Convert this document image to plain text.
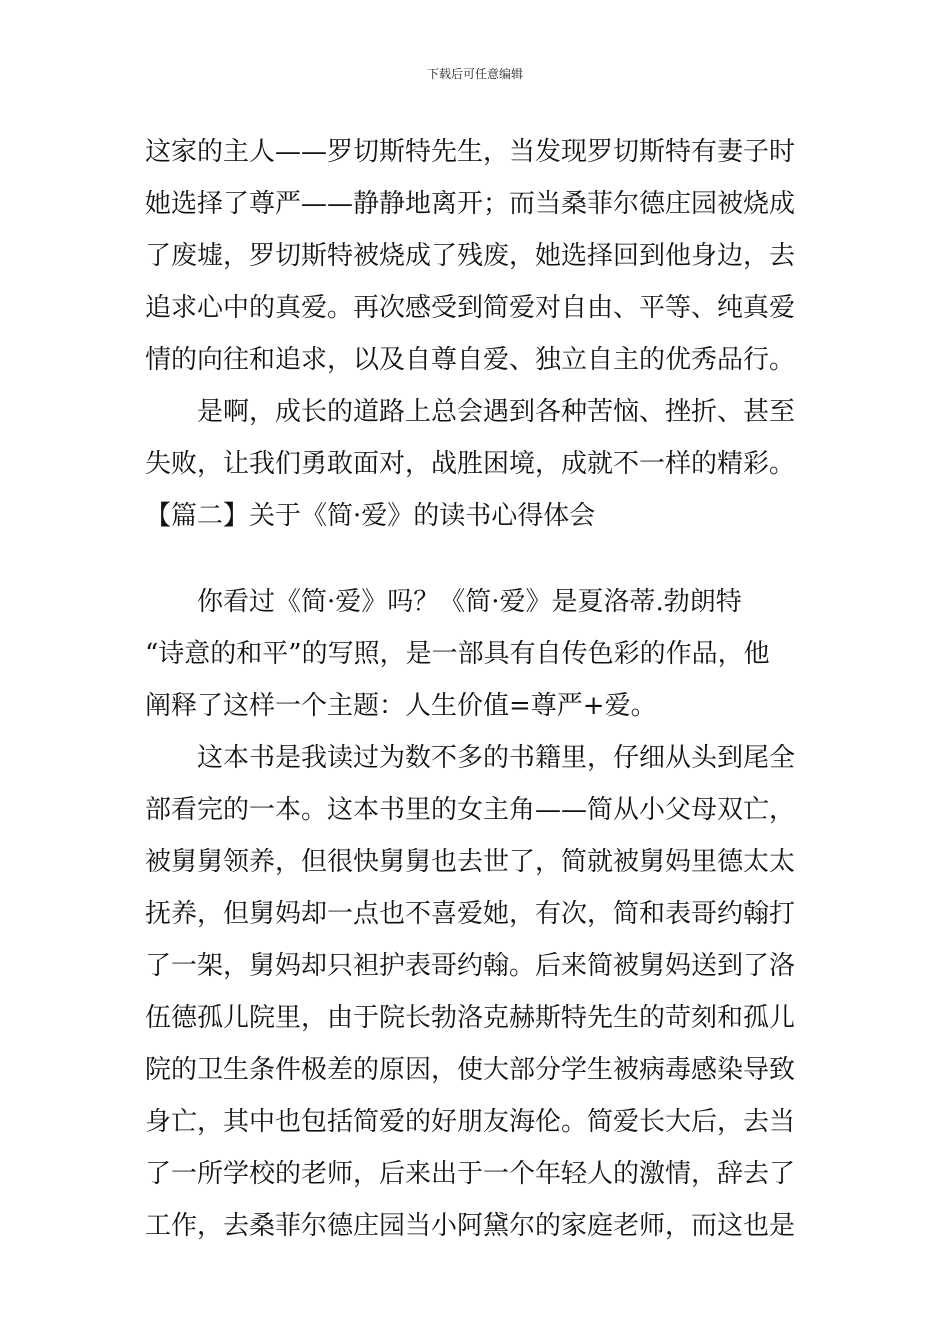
下载后可任意编辑
这家的主人——罗切斯特先生，当发现罗切斯特有妻子时
她选择了尊严——静静地离开；而当桑菲尔德庄园被烧成
了废墟，罗切斯特被烧成了残废，她选择回到他身边，去
追求心中的真爱。再次感受到简爱对自由、平等、纯真爱
情的向往和追求，以及自尊自爱、独立自主的优秀品行。
是啊，成长的道路上总会遇到各种苦恼、挫折、甚至
失败，让我们勇敢面对，战胜困境，成就不一样的精彩。
【篇二】关于《简·爱》的读书心得体会
你看过《简·爱》吗？《简·爱》是夏洛蒂.勃朗特
“诗意的和平”的写照，是一部具有自传色彩的作品，他
阐释了这样一个主题：人生价值=尊严+爱。
这本书是我读过为数不多的书籍里，仔细从头到尾全
部看完的一本。这本书里的女主角——简从小父母双亡，
被舅舅领养，但很快舅舅也去世了，简就被舅妈里德太太
抚养，但舅妈却一点也不喜爱她，有次，简和表哥约翰打
了一架，舅妈却只袒护表哥约翰。后来简被舅妈送到了洛
伍德孤儿院里，由于院长勃洛克赫斯特先生的苛刻和孤儿
院的卫生条件极差的原因，使大部分学生被病毒感染导致
身亡，其中也包括简爱的好朋友海伦。简爱长大后，去当
了一所学校的老师，后来出于一个年轻人的激情，辞去了
工作，去桑菲尔德庄园当小阿黛尔的家庭老师，而这也是
